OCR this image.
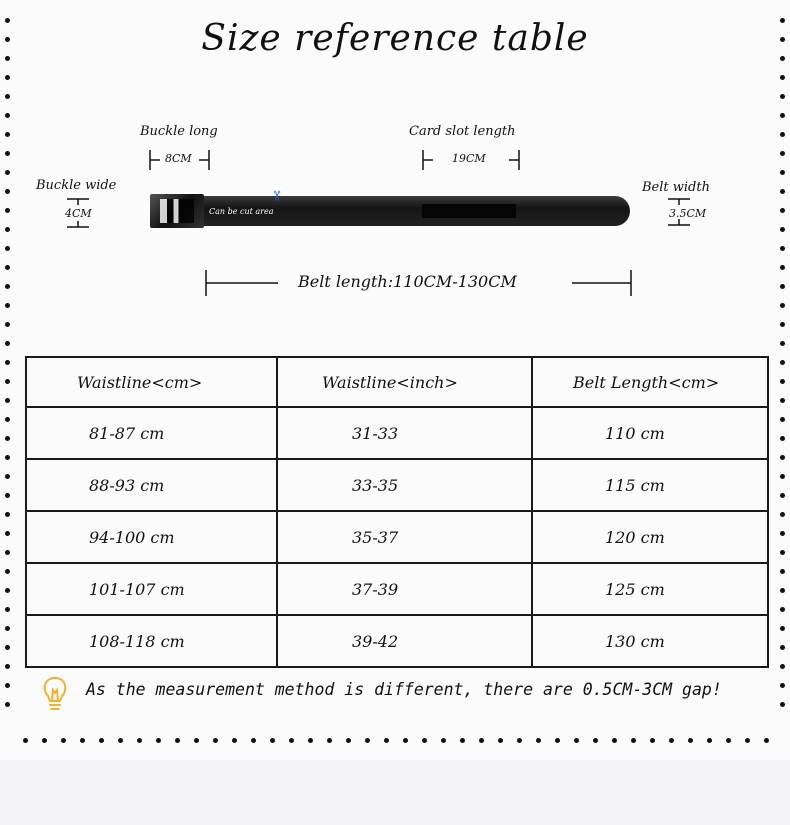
Size reference table
Buckle long	Card slot length
Buckle wide	Belt width
8CM	19CM
4CM	3.5CM
Can be cut area
✂
Belt length:110CM-130CM
Waistline<cm>	Waistline<inch>	Belt Length<cm>
81-87 cm	31-33	110 cm
88-93 cm	33-35	115 cm
94-100 cm	35-37	120 cm
101-107 cm	37-39	125 cm
108-118 cm	39-42	130 cm
As the measurement method is different, there are 0.5CM-3CM gap!
